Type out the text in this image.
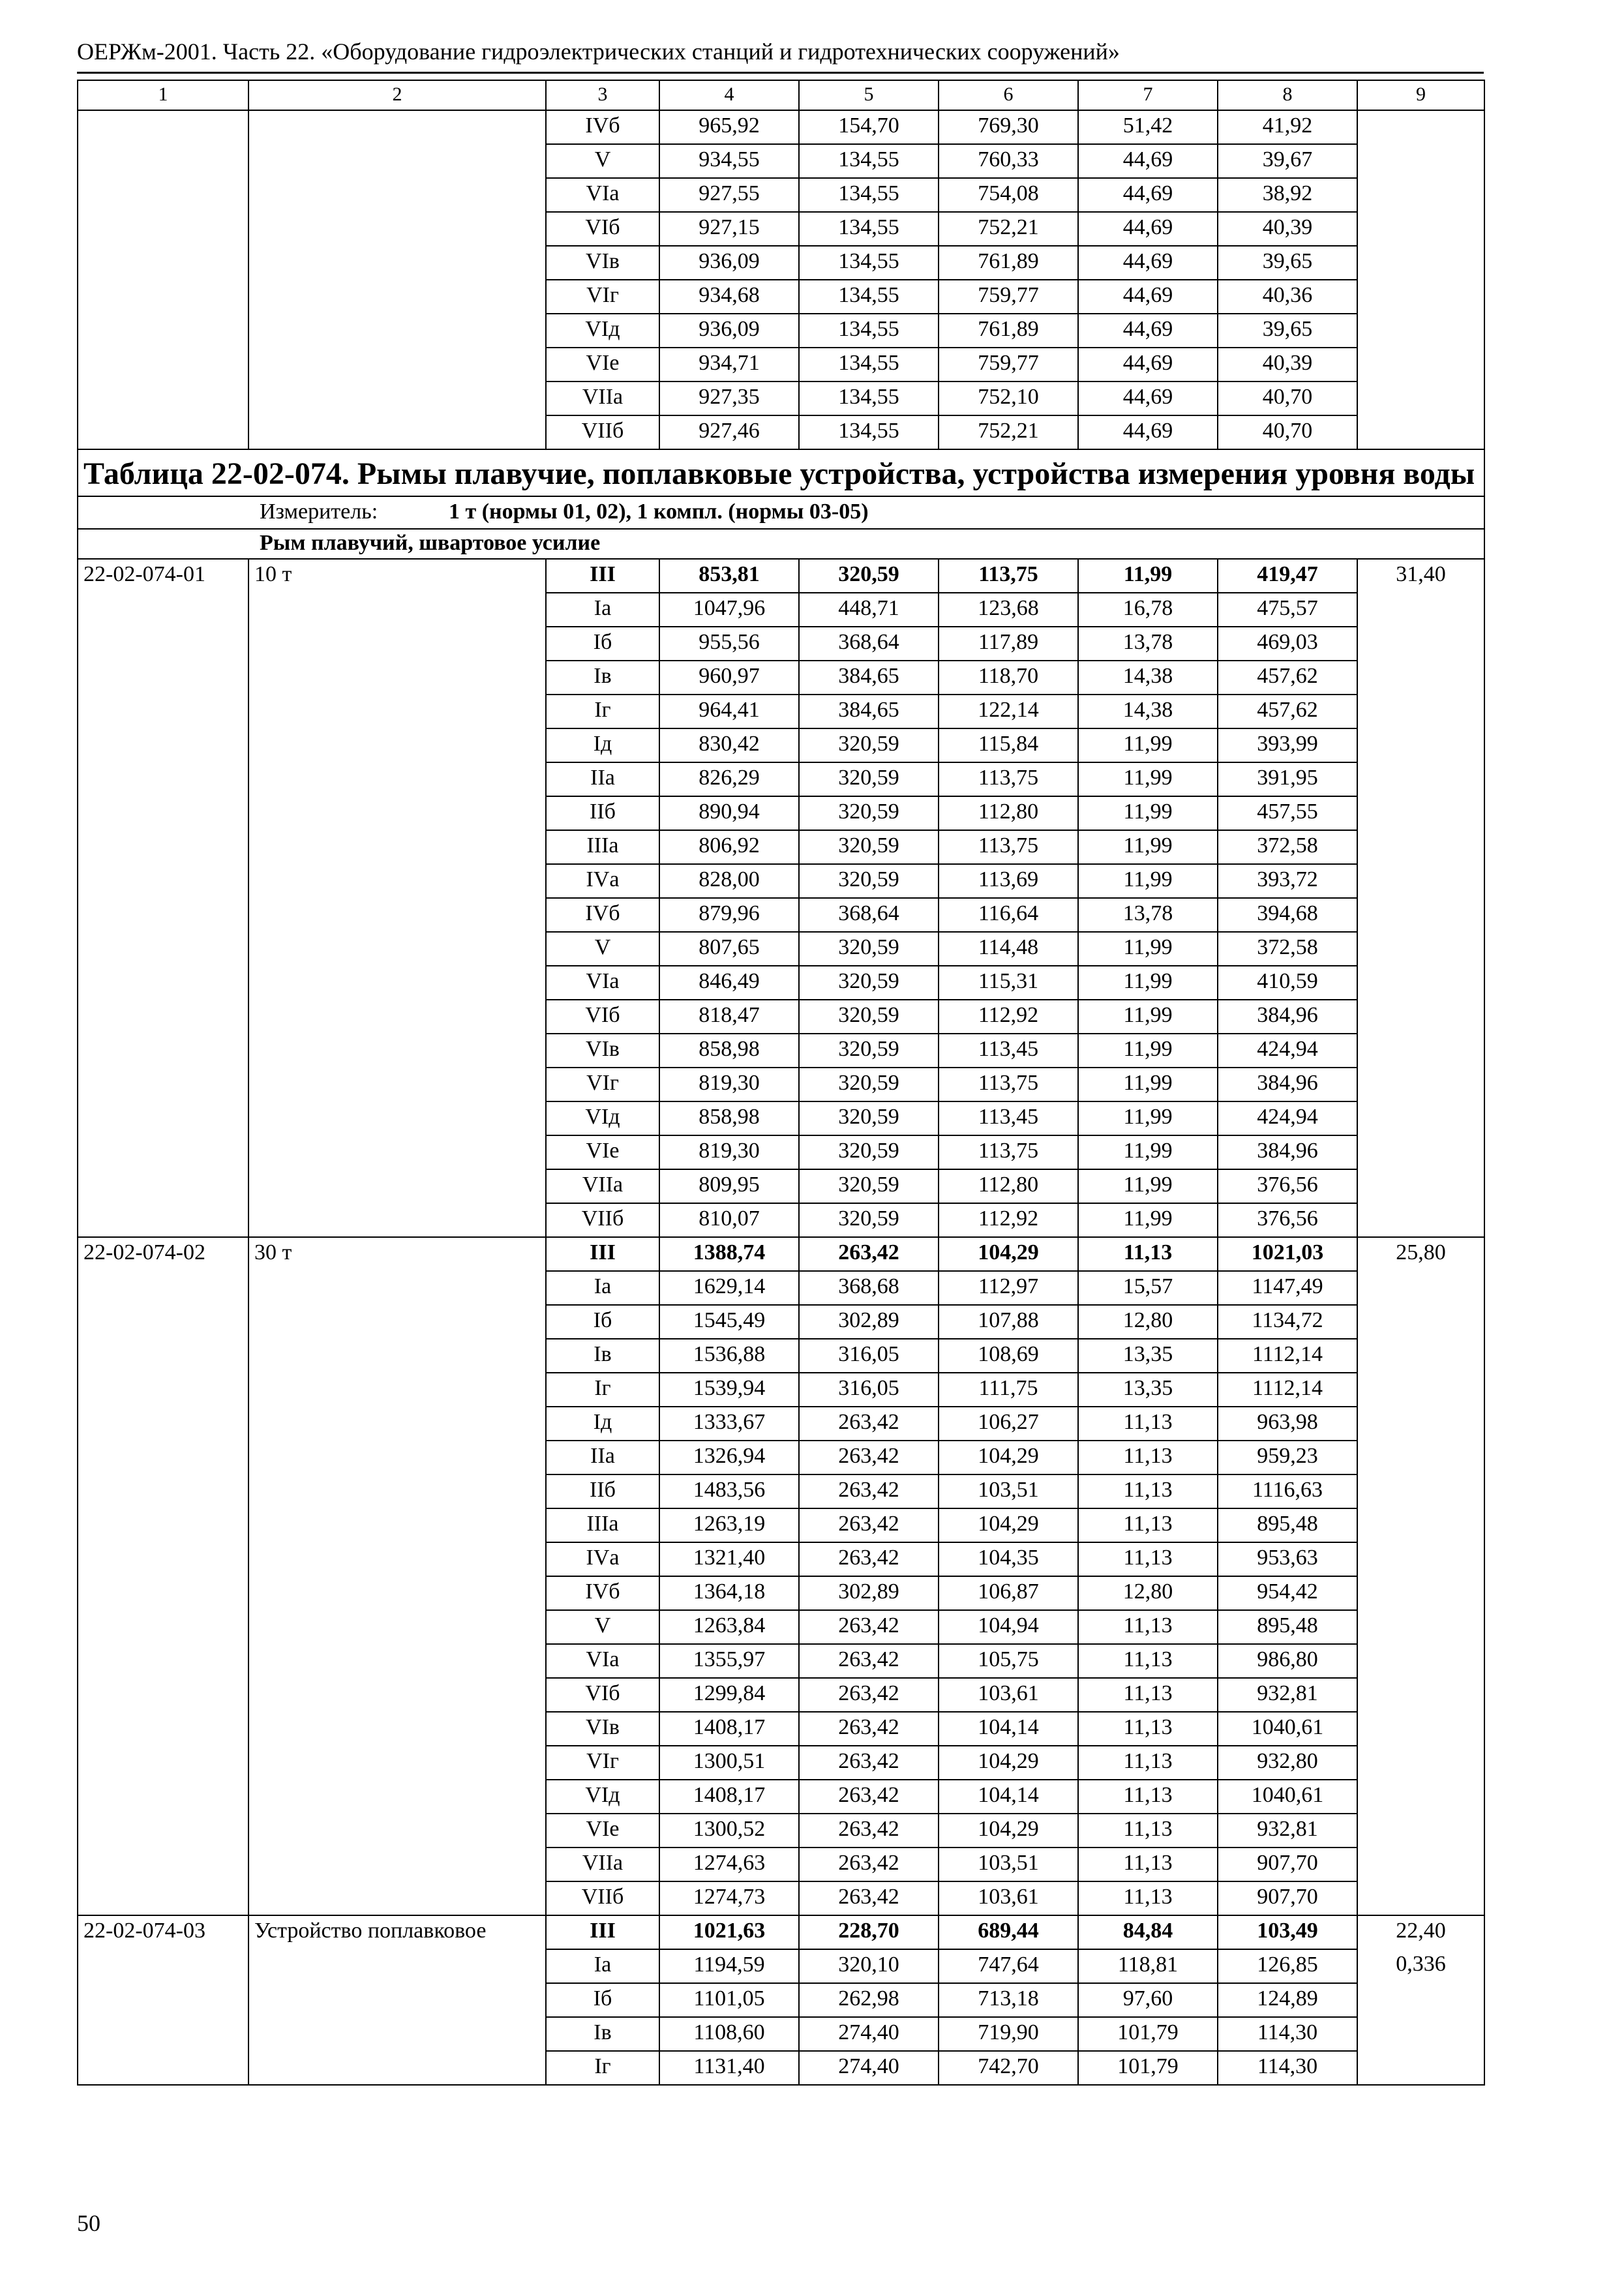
ОЕРЖм-2001. Часть 22. «Оборудование гидроэлектрических станций и гидротехнических сооружений»
1	2	3	4	5	6	7	8	9
		IVб	965,92	154,70	769,30	51,42	41,92	
		V	934,55	134,55	760,33	44,69	39,67	
		VIа	927,55	134,55	754,08	44,69	38,92	
		VIб	927,15	134,55	752,21	44,69	40,39	
		VIв	936,09	134,55	761,89	44,69	39,65	
		VIг	934,68	134,55	759,77	44,69	40,36	
		VIд	936,09	134,55	761,89	44,69	39,65	
		VIе	934,71	134,55	759,77	44,69	40,39	
		VIIа	927,35	134,55	752,10	44,69	40,70	
		VIIб	927,46	134,55	752,21	44,69	40,70	
Таблица 22-02-074. Рымы плавучие, поплавковые устройства, устройства измерения уровня воды								
Измеритель: 1 т (нормы 01, 02), 1 компл. (нормы 03-05)								
Рым плавучий, швартовое усилие								
22-02-074-01	10 т	III	853,81	320,59	113,75	11,99	419,47	31,40
		Iа	1047,96	448,71	123,68	16,78	475,57	
		Iб	955,56	368,64	117,89	13,78	469,03	
		Iв	960,97	384,65	118,70	14,38	457,62	
		Iг	964,41	384,65	122,14	14,38	457,62	
		Iд	830,42	320,59	115,84	11,99	393,99	
		IIа	826,29	320,59	113,75	11,99	391,95	
		IIб	890,94	320,59	112,80	11,99	457,55	
		IIIа	806,92	320,59	113,75	11,99	372,58	
		IVа	828,00	320,59	113,69	11,99	393,72	
		IVб	879,96	368,64	116,64	13,78	394,68	
		V	807,65	320,59	114,48	11,99	372,58	
		VIа	846,49	320,59	115,31	11,99	410,59	
		VIб	818,47	320,59	112,92	11,99	384,96	
		VIв	858,98	320,59	113,45	11,99	424,94	
		VIг	819,30	320,59	113,75	11,99	384,96	
		VIд	858,98	320,59	113,45	11,99	424,94	
		VIе	819,30	320,59	113,75	11,99	384,96	
		VIIа	809,95	320,59	112,80	11,99	376,56	
		VIIб	810,07	320,59	112,92	11,99	376,56	
22-02-074-02	30 т	III	1388,74	263,42	104,29	11,13	1021,03	25,80
		Iа	1629,14	368,68	112,97	15,57	1147,49	
		Iб	1545,49	302,89	107,88	12,80	1134,72	
		Iв	1536,88	316,05	108,69	13,35	1112,14	
		Iг	1539,94	316,05	111,75	13,35	1112,14	
		Iд	1333,67	263,42	106,27	11,13	963,98	
		IIа	1326,94	263,42	104,29	11,13	959,23	
		IIб	1483,56	263,42	103,51	11,13	1116,63	
		IIIа	1263,19	263,42	104,29	11,13	895,48	
		IVа	1321,40	263,42	104,35	11,13	953,63	
		IVб	1364,18	302,89	106,87	12,80	954,42	
		V	1263,84	263,42	104,94	11,13	895,48	
		VIа	1355,97	263,42	105,75	11,13	986,80	
		VIб	1299,84	263,42	103,61	11,13	932,81	
		VIв	1408,17	263,42	104,14	11,13	1040,61	
		VIг	1300,51	263,42	104,29	11,13	932,80	
		VIд	1408,17	263,42	104,14	11,13	1040,61	
		VIе	1300,52	263,42	104,29	11,13	932,81	
		VIIа	1274,63	263,42	103,51	11,13	907,70	
		VIIб	1274,73	263,42	103,61	11,13	907,70	
22-02-074-03	Устройство поплавковое	III	1021,63	228,70	689,44	84,84	103,49	22,40
		Iа	1194,59	320,10	747,64	118,81	126,85	0,336
		Iб	1101,05	262,98	713,18	97,60	124,89	
		Iв	1108,60	274,40	719,90	101,79	114,30	
		Iг	1131,40	274,40	742,70	101,79	114,30	
50
